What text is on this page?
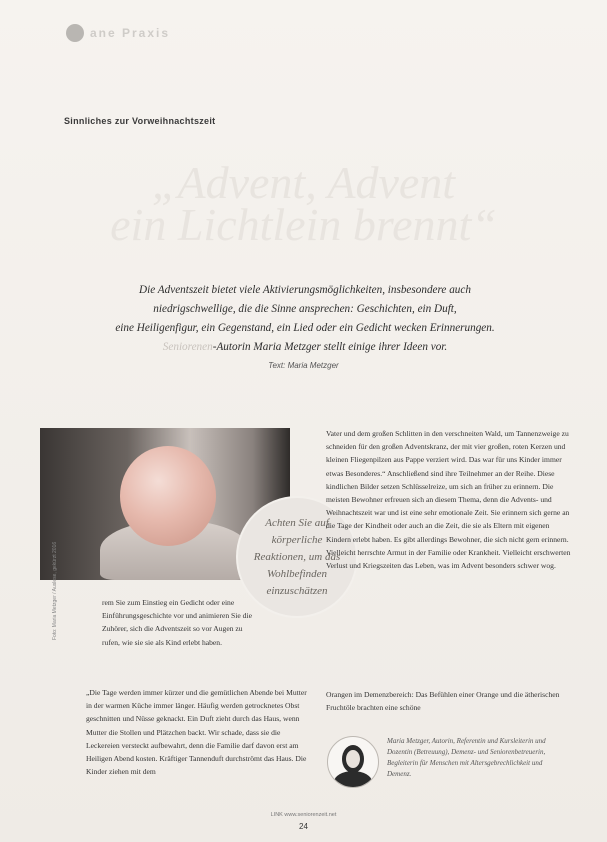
ane Praxis
Sinnliches zur Vorweihnachtszeit
„Advent, Advent
ein Lichtlein brennt“
Die Adventszeit bietet viele Aktivierungsmöglichkeiten, insbesondere auch
niedrigschwellige, die die Sinne ansprechen: Geschichten, ein Duft,
eine Heiligenfigur, ein Gegenstand, ein Lied oder ein Gedicht wecken Erinnerungen.
Seniorenen-Autorin Maria Metzger stellt einige ihrer Ideen vor.
Text: Maria Metzger
Achten Sie auf körperliche Reaktionen, um das Wohlbefinden einzuschätzen
Vater und dem großen Schlitten in den verschneiten Wald, um Tannenzweige zu schneiden für den großen Adventskranz, der mit vier großen, roten Kerzen und kleinen Fliegenpilzen aus Pappe verziert wird. Das war für uns Kinder immer etwas Besonderes.“ Anschließend sind ihre Teilnehmer an der Reihe. Diese kindlichen Bilder setzen Schlüsselreize, um sich an früher zu erinnern. Die meisten Bewohner erfreuen sich an diesem Thema, denn die Advents- und Weihnachtszeit war und ist eine sehr emotionale Zeit. Sie erinnern sich gerne an die Tage der Kindheit oder auch an die Zeit, die sie als Eltern mit eigenen Kindern erlebt haben. Es gibt allerdings Bewohner, die sich nicht gern erinnern. Vielleicht herrschte Armut in der Familie oder Krankheit. Vielleicht erschwerten Verlust und Kriegszeiten das Leben, was im Advent besonders schwer wog.
rem Sie zum Einstieg ein Gedicht oder eine Einführungsgeschichte vor und animieren Sie die Zuhörer, sich die Adventszeit so vor Augen zu rufen, wie sie sie als Kind erlebt haben.
Foto: Maria Metzger / Auslese, gekürzt 2016
„Die Tage werden immer kürzer und die gemütlichen Abende bei Mutter in der warmen Küche immer länger. Häufig werden getrocknetes Obst geschnitten und Nüsse geknackt. Ein Duft zieht durch das Haus, wenn Mutter die Stollen und Plätzchen backt. Wir schade, dass sie die Leckereien versteckt aufbewahrt, denn die Familie darf davon erst am Heiligen Abend kosten. Kräftiger Tannenduft durchströmt das Haus. Die Kinder ziehen mit dem
Orangen im Demenzbereich: Das Befühlen einer Orange und die ätherischen Fruchtöle brachten eine schöne
Maria Metzger, Autorin, Referentin und Kursleiterin und Dozentin (Betreuung), Demenz- und Seniorenbetreuerin, Begleiterin für Menschen mit Altersgebrechlichkeit und Demenz.
LINK www.seniorenzeit.net
24
